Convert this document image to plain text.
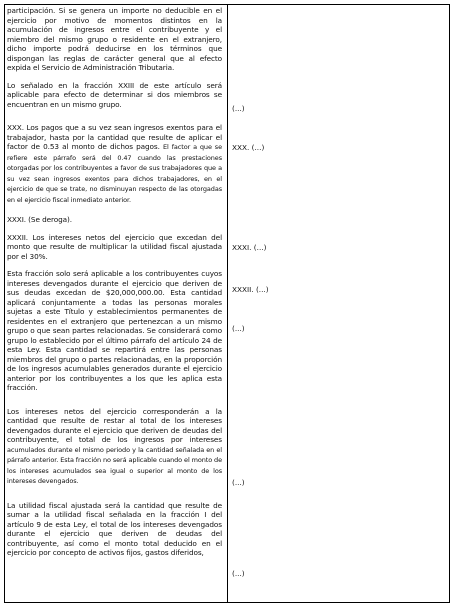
participación. Si se genera un importe no deducible en el ejercicio por motivo de momentos distintos en la acumulación de ingresos entre el contribuyente y el miembro del mismo grupo o residente en el extranjero, dicho importe podrá deducirse en los términos que dispongan las reglas de carácter general que al efecto expida el Servicio de Administración Tributaria.

Lo señalado en la fracción XXIII de este artículo será aplicable para efecto de determinar si dos miembros se encuentran en un mismo grupo.

XXX. Los pagos que a su vez sean ingresos exentos para el trabajador, hasta por la cantidad que resulte de aplicar el factor de 0.53 al monto de dichos pagos. El factor a que se refiere este párrafo será del 0.47 cuando las prestaciones otorgadas por los contribuyentes a favor de sus trabajadores que a su vez sean ingresos exentos para dichos trabajadores, en el ejercicio de que se trate, no disminuyan respecto de las otorgadas en el ejercicio fiscal inmediato anterior.

XXXI. (Se deroga).

XXXII. Los intereses netos del ejercicio que excedan del monto que resulte de multiplicar la utilidad fiscal ajustada por el 30%.

Esta fracción solo será aplicable a los contribuyentes cuyos intereses devengados durante el ejercicio que deriven de sus deudas excedan de $20,000,000.00. Esta cantidad aplicará conjuntamente a todas las personas morales sujetas a este Título y establecimientos permanentes de residentes en el extranjero que pertenezcan a un mismo grupo o que sean partes relacionadas. Se considerará como grupo lo establecido por el último párrafo del artículo 24 de esta Ley. Esta cantidad se repartirá entre las personas miembros del grupo o partes relacionadas, en la proporción de los ingresos acumulables generados durante el ejercicio anterior por los contribuyentes a los que les aplica esta fracción.

Los intereses netos del ejercicio corresponderán a la cantidad que resulte de restar al total de los intereses devengados durante el ejercicio que deriven de deudas del contribuyente, el total de los ingresos por intereses acumulados durante el mismo periodo y la cantidad señalada en el párrafo anterior. Esta fracción no será aplicable cuando el monto de los intereses acumulados sea igual o superior al monto de los intereses devengados.

La utilidad fiscal ajustada será la cantidad que resulte de sumar a la utilidad fiscal señalada en la fracción I del artículo 9 de esta Ley, el total de los intereses devengados durante el ejercicio que deriven de deudas del contribuyente, así como el monto total deducido en el ejercicio por concepto de activos fijos, gastos diferidos,

(...)
XXX. (...)
XXXI. (...)
XXXII. (...)
(...)
(...)
(...)
